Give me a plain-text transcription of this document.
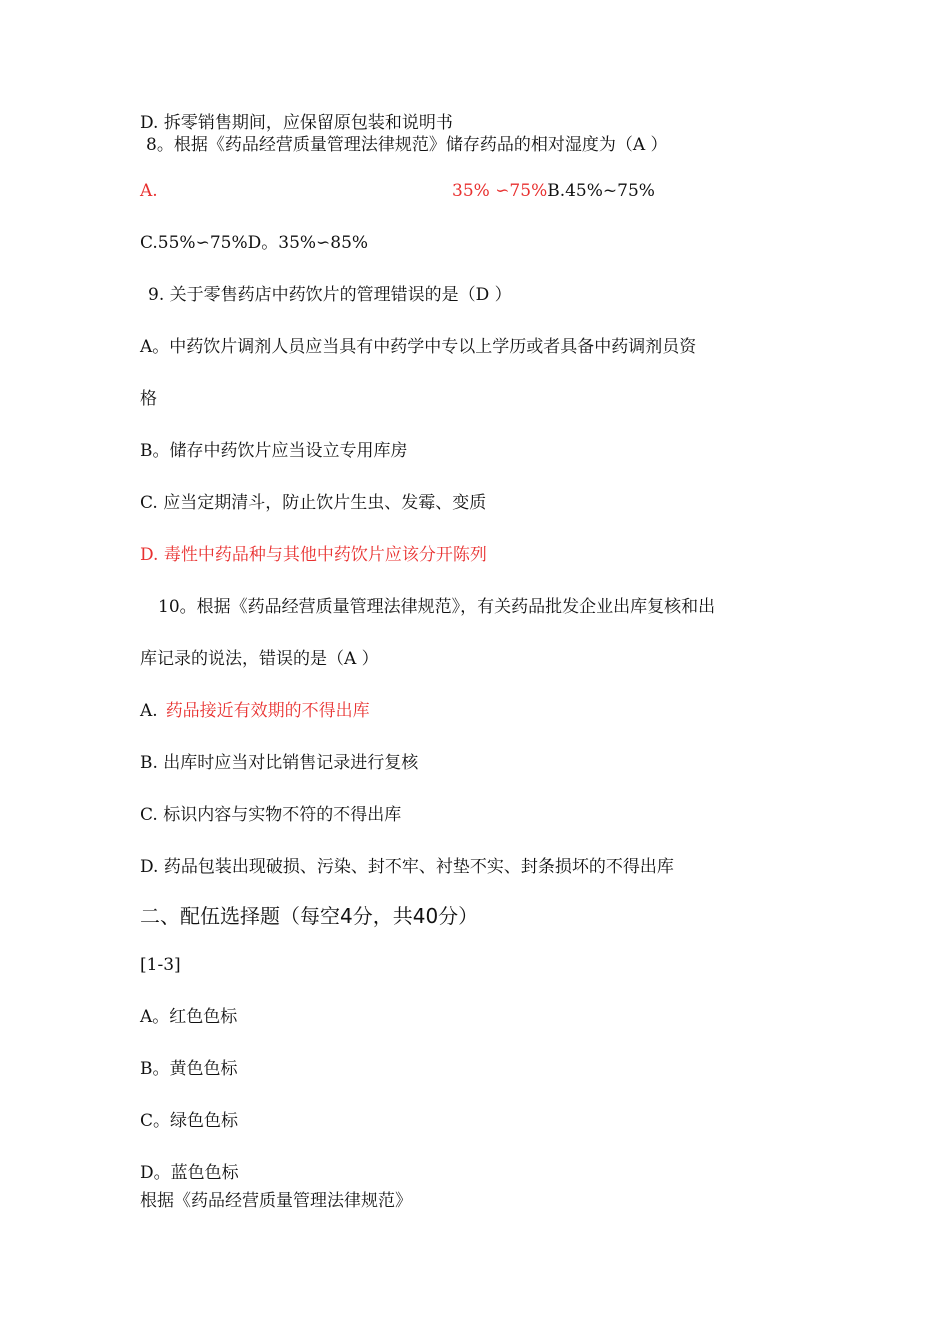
D. 拆零销售期间，应保留原包装和说明书
8。根据《药品经营质量管理法律规范》储存药品的相对湿度为（A ）
A.	35% ∽75%B.45%~75%
C.55%∽75%D。35%∽85%
9. 关于零售药店中药饮片的管理错误的是（D ）
A。中药饮片调剂人员应当具有中药学中专以上学历或者具备中药调剂员资
格
B。储存中药饮片应当设立专用库房
C. 应当定期清斗，防止饮片生虫、发霉、变质
D. 毒性中药品种与其他中药饮片应该分开陈列
10。根据《药品经营质量管理法律规范》，有关药品批发企业出库复核和出
库记录的说法，错误的是（A ）
A. 药品接近有效期的不得出库
B. 出库时应当对比销售记录进行复核
C. 标识内容与实物不符的不得出库
D. 药品包装出现破损、污染、封不牢、衬垫不实、封条损坏的不得出库
二、配伍选择题（每空4分，共40分）
[1-3]
A。红色色标
B。黄色色标
C。绿色色标
D。蓝色色标
根据《药品经营质量管理法律规范》
